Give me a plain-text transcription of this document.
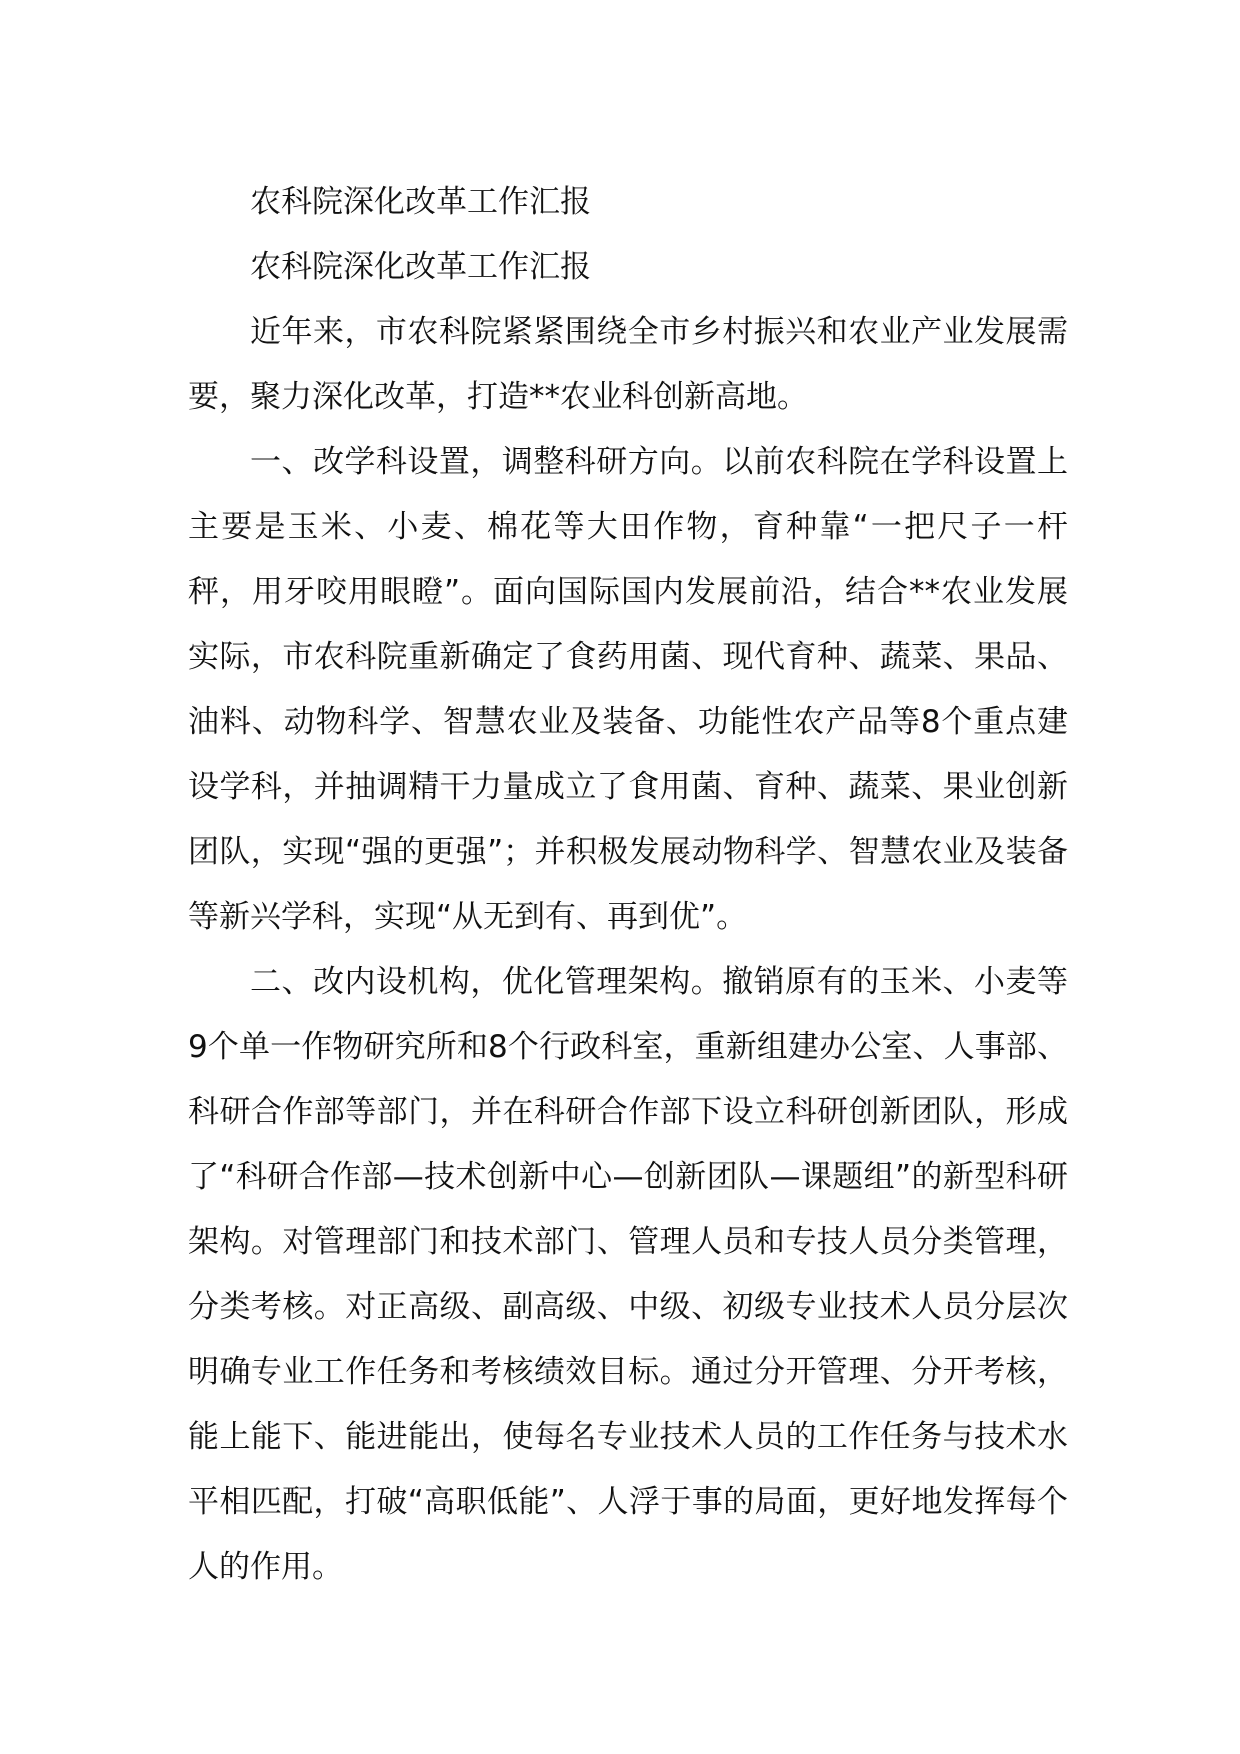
农科院深化改革工作汇报

农科院深化改革工作汇报

近年来，市农科院紧紧围绕全市乡村振兴和农业产业发展需要，聚力深化改革，打造**农业科创新高地。

一、改学科设置，调整科研方向。以前农科院在学科设置上主要是玉米、小麦、棉花等大田作物，育种靠“一把尺子一杆秤，用牙咬用眼瞪”。面向国际国内发展前沿，结合**农业发展实际，市农科院重新确定了食药用菌、现代育种、蔬菜、果品、油料、动物科学、智慧农业及装备、功能性农产品等8个重点建设学科，并抽调精干力量成立了食用菌、育种、蔬菜、果业创新团队，实现“强的更强”；并积极发展动物科学、智慧农业及装备等新兴学科，实现“从无到有、再到优”。

二、改内设机构，优化管理架构。撤销原有的玉米、小麦等9个单一作物研究所和8个行政科室，重新组建办公室、人事部、科研合作部等部门，并在科研合作部下设立科研创新团队，形成了“科研合作部—技术创新中心—创新团队—课题组”的新型科研架构。对管理部门和技术部门、管理人员和专技人员分类管理，分类考核。对正高级、副高级、中级、初级专业技术人员分层次明确专业工作任务和考核绩效目标。通过分开管理、分开考核，能上能下、能进能出，使每名专业技术人员的工作任务与技术水平相匹配，打破“高职低能”、人浮于事的局面，更好地发挥每个人的作用。
